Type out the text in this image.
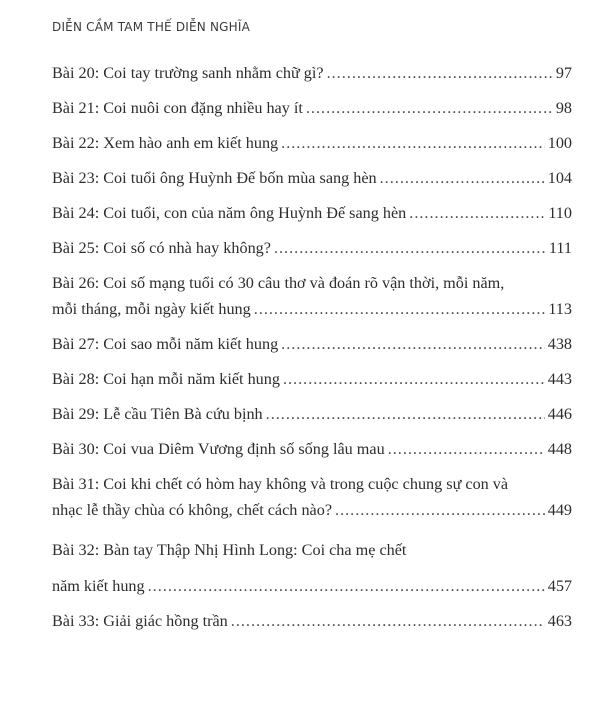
DIỄN CẦM TAM THẾ DIỄN NGHĨA
Bài 20: Coi tay trường sanh nhằm chữ gì? .....	97
Bài 21: Coi nuôi con đặng nhiều hay ít .....	98
Bài 22: Xem hào anh em kiết hung .....	100
Bài 23: Coi tuổi ông Huỳnh Đế bốn mùa sang hèn .....	104
Bài 24: Coi tuổi, con của năm ông Huỳnh Đế sang hèn .....	110
Bài 25: Coi số có nhà hay không? .....	111
Bài 26: Coi số mạng tuổi có 30 câu thơ và đoán rõ vận thời, mỗi năm,
mỗi tháng, mỗi ngày kiết hung .....	113
Bài 27: Coi sao mỗi năm kiết hung .....	438
Bài 28: Coi hạn mỗi năm kiết hung .....	443
Bài 29: Lễ cầu Tiên Bà cứu bịnh .....	446
Bài 30: Coi vua Diêm Vương định số sống lâu mau .....	448
Bài 31: Coi khi chết có hòm hay không và trong cuộc chung sự con và
nhạc lễ thầy chùa có không, chết cách nào? .....	449
Bài 32: Bàn tay Thập Nhị Hình Long: Coi cha mẹ chết
năm kiết hung .....	457
Bài 33: Giải giác hồng trần .....	463
